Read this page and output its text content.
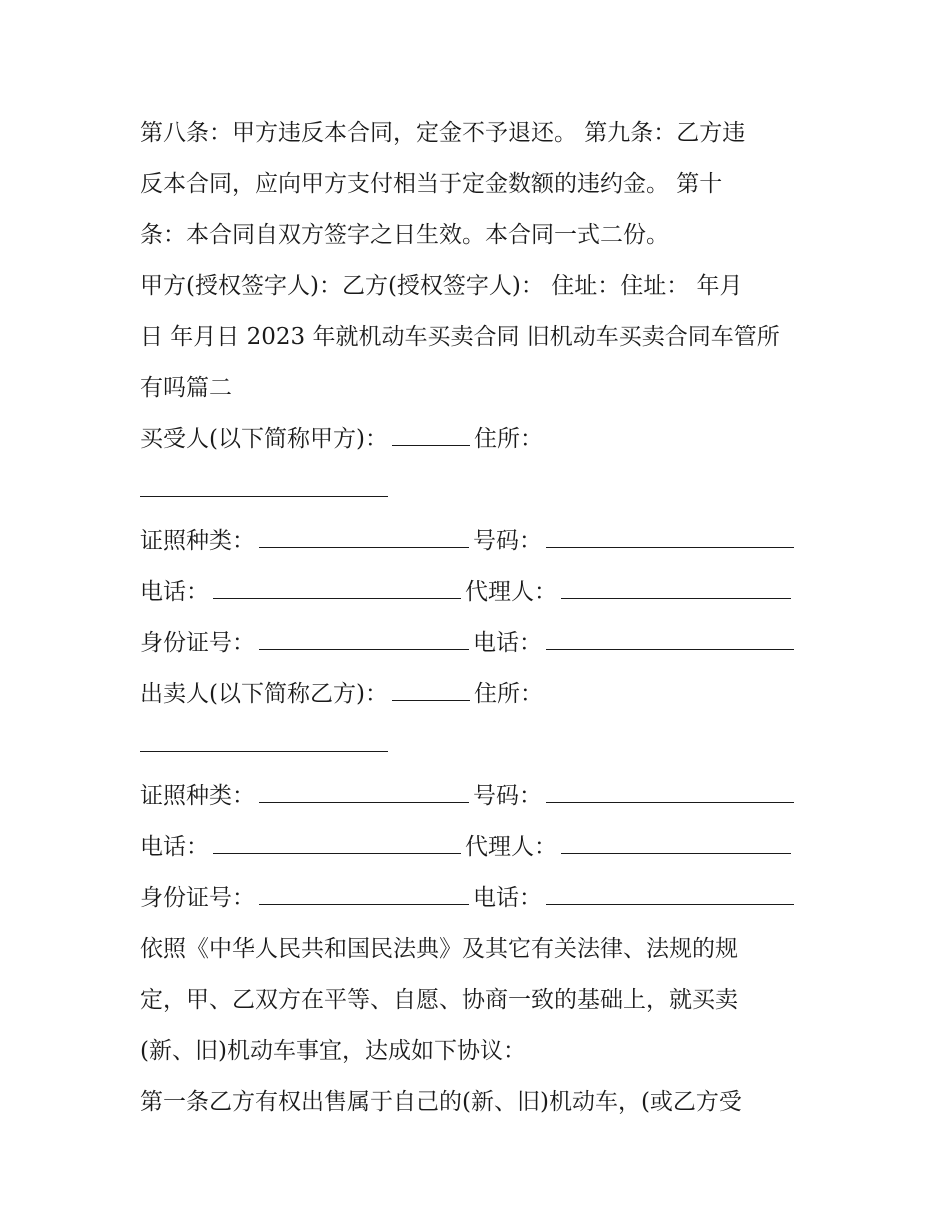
第八条：甲方违反本合同，定金不予退还。 第九条：乙方违
反本合同，应向甲方支付相当于定金数额的违约金。 第十
条：本合同自双方签字之日生效。本合同一式二份。
甲方(授权签字人)：乙方(授权签字人)： 住址：住址： 年月
日 年月日 2023 年就机动车买卖合同 旧机动车买卖合同车管所
有吗篇二
买受人(以下简称甲方)：	住所：
证照种类：	号码：
电话：	代理人：
身份证号：	电话：
出卖人(以下简称乙方)：	住所：
证照种类：	号码：
电话：	代理人：
身份证号：	电话：
依照《中华人民共和国民法典》及其它有关法律、法规的规
定，甲、乙双方在平等、自愿、协商一致的基础上，就买卖
(新、旧)机动车事宜，达成如下协议：
第一条乙方有权出售属于自己的(新、旧)机动车，(或乙方受
